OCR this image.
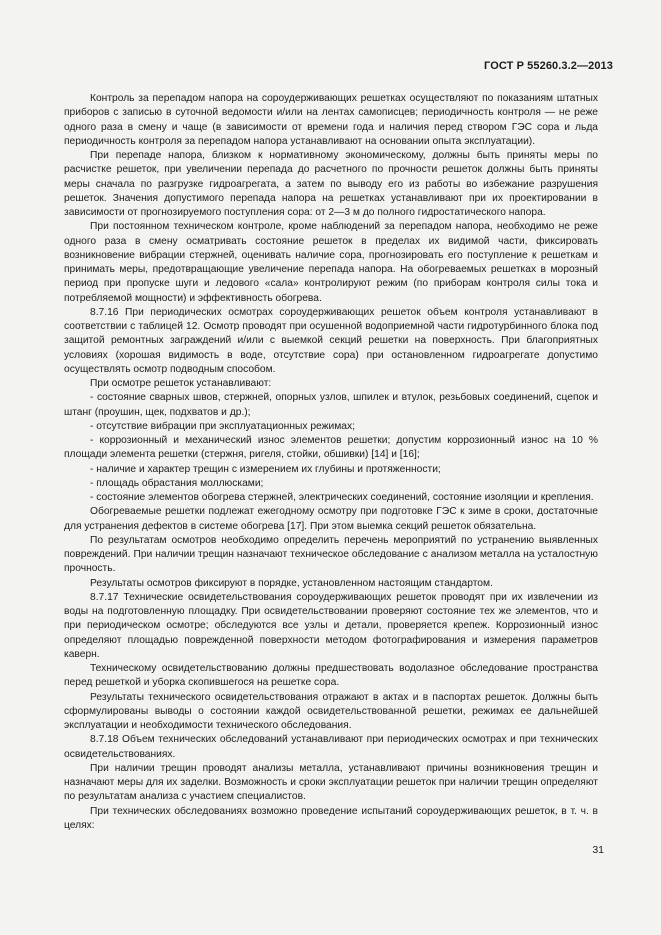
ГОСТ Р 55260.3.2—2013

Контроль за перепадом напора на сороудерживающих решетках осуществляют по показаниям штатных приборов с записью в суточной ведомости и/или на лентах самописцев; периодичность контроля — не реже одного раза в смену и чаще (в зависимости от времени года и наличия перед створом ГЭС сора и льда периодичность контроля за перепадом напора устанавливают на основании опыта эксплуатации).

При перепаде напора, близком к нормативному экономическому, должны быть приняты меры по расчистке решеток, при увеличении перепада до расчетного по прочности решеток должны быть приняты меры сначала по разгрузке гидроагрегата, а затем по выводу его из работы во избежание разрушения решеток. Значения допустимого перепада напора на решетках устанавливают при их проектировании в зависимости от прогнозируемого поступления сора: от 2—3 м до полного гидростатического напора.

При постоянном техническом контроле, кроме наблюдений за перепадом напора, необходимо не реже одного раза в смену осматривать состояние решеток в пределах их видимой части, фиксировать возникновение вибрации стержней, оценивать наличие сора, прогнозировать его поступление к решеткам и принимать меры, предотвращающие увеличение перепада напора. На обогреваемых решетках в морозный период при пропуске шуги и ледового «сала» контролируют режим (по приборам контроля силы тока и потребляемой мощности) и эффективность обогрева.

8.7.16 При периодических осмотрах сороудерживающих решеток объем контроля устанавливают в соответствии с таблицей 12. Осмотр проводят при осушенной водоприемной части гидротурбинного блока под защитой ремонтных заграждений и/или с выемкой секций решетки на поверхность. При благоприятных условиях (хорошая видимость в воде, отсутствие сора) при остановленном гидроагрегате допустимо осуществлять осмотр подводным способом.

При осмотре решеток устанавливают:

- состояние сварных швов, стержней, опорных узлов, шпилек и втулок, резьбовых соединений, сцепок и штанг (проушин, щек, подхватов и др.);

- отсутствие вибрации при эксплуатационных режимах;

- коррозионный и механический износ элементов решетки; допустим коррозионный износ на 10 % площади элемента решетки (стержня, ригеля, стойки, обшивки) [14] и [16];

- наличие и характер трещин с измерением их глубины и протяженности;

- площадь обрастания моллюсками;

- состояние элементов обогрева стержней, электрических соединений, состояние изоляции и крепления.

Обогреваемые решетки подлежат ежегодному осмотру при подготовке ГЭС к зиме в сроки, достаточные для устранения дефектов в системе обогрева [17]. При этом выемка секций решеток обязательна.

По результатам осмотров необходимо определить перечень мероприятий по устранению выявленных повреждений. При наличии трещин назначают техническое обследование с анализом металла на усталостную прочность.

Результаты осмотров фиксируют в порядке, установленном настоящим стандартом.

8.7.17 Технические освидетельствования сороудерживающих решеток проводят при их извлечении из воды на подготовленную площадку. При освидетельствовании проверяют состояние тех же элементов, что и при периодическом осмотре; обследуются все узлы и детали, проверяется крепеж. Коррозионный износ определяют площадью поврежденной поверхности методом фотографирования и измерения параметров каверн.

Техническому освидетельствованию должны предшествовать водолазное обследование пространства перед решеткой и уборка скопившегося на решетке сора.

Результаты технического освидетельствования отражают в актах и в паспортах решеток. Должны быть сформулированы выводы о состоянии каждой освидетельствованной решетки, режимах ее дальнейшей эксплуатации и необходимости технического обследования.

8.7.18 Объем технических обследований устанавливают при периодических осмотрах и при технических освидетельствованиях.

При наличии трещин проводят анализы металла, устанавливают причины возникновения трещин и назначают меры для их заделки. Возможность и сроки эксплуатации решеток при наличии трещин определяют по результатам анализа с участием специалистов.

При технических обследованиях возможно проведение испытаний сороудерживающих решеток, в т. ч. в целях:

31
